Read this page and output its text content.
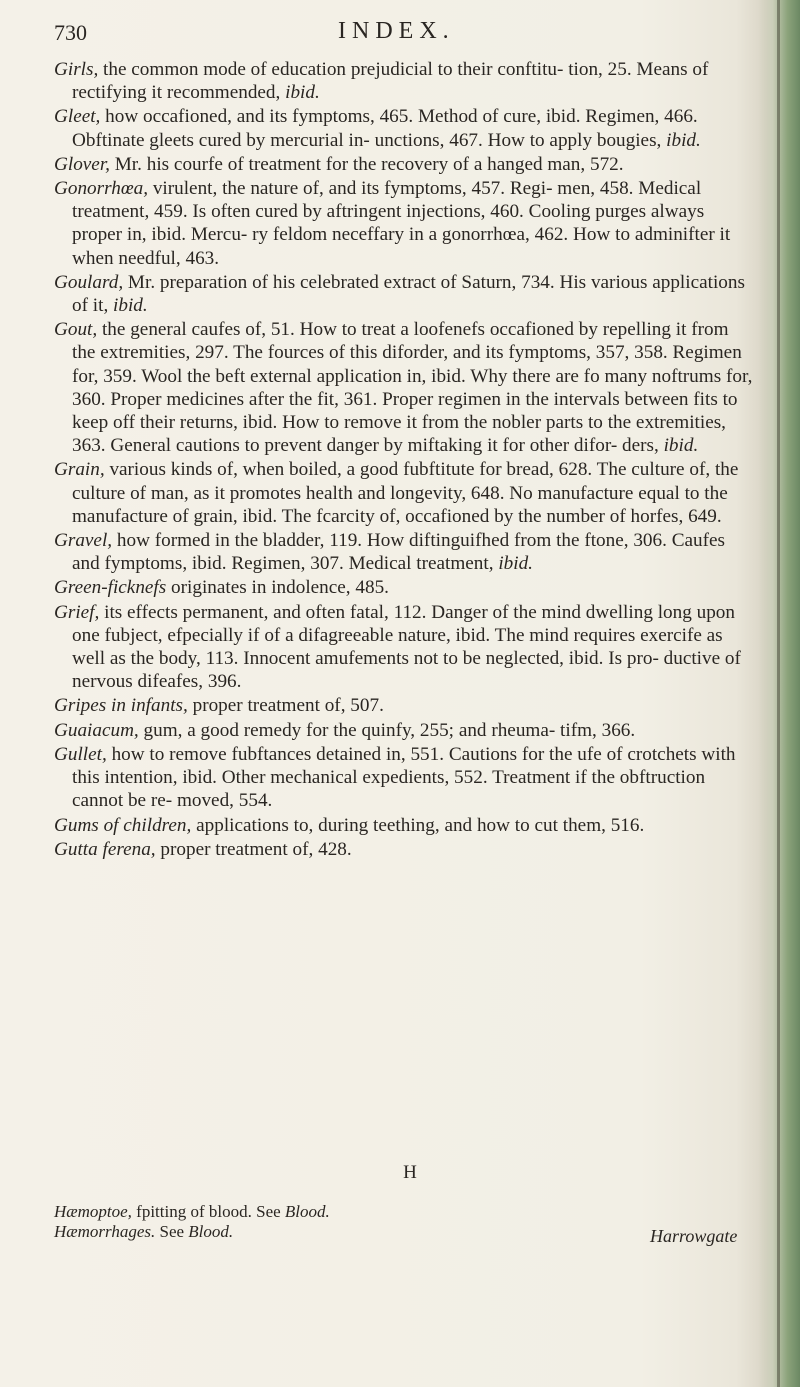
730	INDEX.

Girls, the common mode of education prejudicial to their conftitu- tion, 25. Means of rectifying it recommended, ibid.

Gleet, how occafioned, and its fymptoms, 465. Method of cure, ibid. Regimen, 466. Obftinate gleets cured by mercurial in- unctions, 467. How to apply bougies, ibid.

Glover, Mr. his courfe of treatment for the recovery of a hanged man, 572.

Gonorrhœa, virulent, the nature of, and its fymptoms, 457. Regi- men, 458. Medical treatment, 459. Is often cured by aftringent injections, 460. Cooling purges always proper in, ibid. Mercu- ry feldom neceffary in a gonorrhœa, 462. How to adminifter it when needful, 463.

Goulard, Mr. preparation of his celebrated extract of Saturn, 734. His various applications of it, ibid.

Gout, the general caufes of, 51. How to treat a loofenefs occafioned by repelling it from the extremities, 297. The fources of this diforder, and its fymptoms, 357, 358. Regimen for, 359. Wool the beft external application in, ibid. Why there are fo many noftrums for, 360. Proper medicines after the fit, 361. Proper regimen in the intervals between fits to keep off their returns, ibid. How to remove it from the nobler parts to the extremities, 363. General cautions to prevent danger by miftaking it for other difor- ders, ibid.

Grain, various kinds of, when boiled, a good fubftitute for bread, 628. The culture of, the culture of man, as it promotes health and longevity, 648. No manufacture equal to the manufacture of grain, ibid. The fcarcity of, occafioned by the number of horfes, 649.

Gravel, how formed in the bladder, 119. How diftinguifhed from the ftone, 306. Caufes and fymptoms, ibid. Regimen, 307. Medical treatment, ibid.

Green-ficknefs originates in indolence, 485.

Grief, its effects permanent, and often fatal, 112. Danger of the mind dwelling long upon one fubject, efpecially if of a difagreeable nature, ibid. The mind requires exercife as well as the body, 113. Innocent amufements not to be neglected, ibid. Is pro- ductive of nervous difeafes, 396.

Gripes in infants, proper treatment of, 507.

Guaiacum, gum, a good remedy for the quinfy, 255; and rheuma- tifm, 366.

Gullet, how to remove fubftances detained in, 551. Cautions for the ufe of crotchets with this intention, ibid. Other mechanical expedients, 552. Treatment if the obftruction cannot be re- moved, 554.

Gums of children, applications to, during teething, and how to cut them, 516.

Gutta ferena, proper treatment of, 428.

H
Hæmoptoe, fpitting of blood. See Blood.
Hæmorrhages. See Blood.	Harrowgate
